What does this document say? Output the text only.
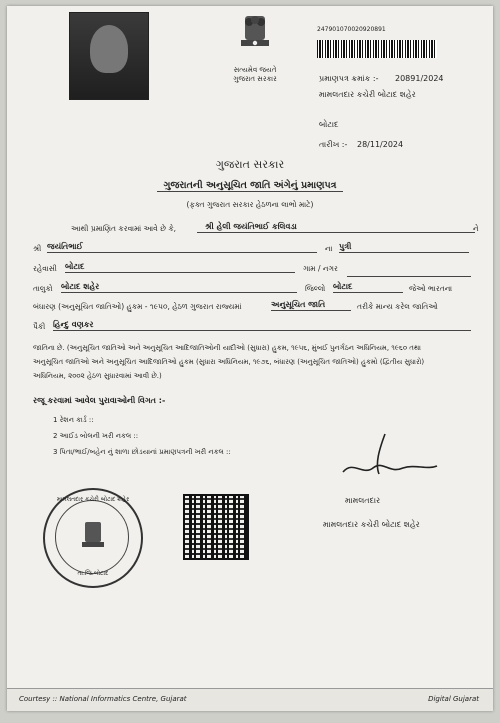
સત્યમેવ જયતે
ગુજરાત સરકાર
247901070020920891
પ્રમાણપત્ર ક્રમાંક :- 20891/2024
મામલતદાર કચેરી બોટાદ શહેર
બોટાદ
તારીખ :- 28/11/2024
ગુજરાત સરકાર
ગુજરાતની અનુસૂચિત જાતિ અંગેનું પ્રમાણપત્ર
(ફક્ત ગુજરાત સરકાર હેઠળના લાભો માટે)
આથી પ્રમાણિત કરવામાં આવે છે કે,	શ્રી હેલી જયંતિભાઈ કલિવડા	ને
શ્રી જયંતિભાઈ	ના પુત્રી
રહેવાસી બોટાદ	ગામ / નગર
તાલુકો બોટાદ શહેર	જિલ્લો બોટાદ	જેઓ ભારતના
બંધારણ (અનુસૂચિત જાતિઓ) હુકમ - ૧૯૫૦, હેઠળ ગુજરાત રાજ્યમાં	અનુસૂચિત જાતિ	તરીકે માન્ય કરેલ જાતિઓ
પૈકી હિન્દુ વણકર
જાતિના છે. (અનુસૂચિત જાતિઓ અને અનુસૂચિત આદિજાતિઓની યાદીઓ (સુધારા) હુકમ, ૧૯૫૬, મુંબઈ પુનર્ગઠન અધિનિયમ, ૧૯૬૦ તથા
અનુસૂચિત જાતિઓ અને અનુસૂચિત આદિજાતિઓ હુકમ (સુધારા અધિનિયમ, ૧૯૭૬, બંધારણ (અનુસૂચિત જાતિઓ) હુકમો (દ્વિતીય સુધારો)
અધિનિયમ, ૨૦૦૨ હેઠળ સુધારવામાં આવી છે.)
રજૂ કરવામાં આવેલ પુરાવાઓની વિગત :-
1 રેશન કાર્ડ ::
2 આઈડ બોલની ખરી નકલ ::
3 પિતા/ભાઈ/બહેન નું શાળા છોડયાનાં પ્રમાણપત્રની ખરી નકલ ::
મામલતદાર
મામલતદાર કચેરી બોટાદ શહેર
મામલતદાર કચેરી બોટાદ શહેર
તા.જિ.બોટાદ
Courtesy :: National Informatics Centre, Gujarat	Digital Gujarat
